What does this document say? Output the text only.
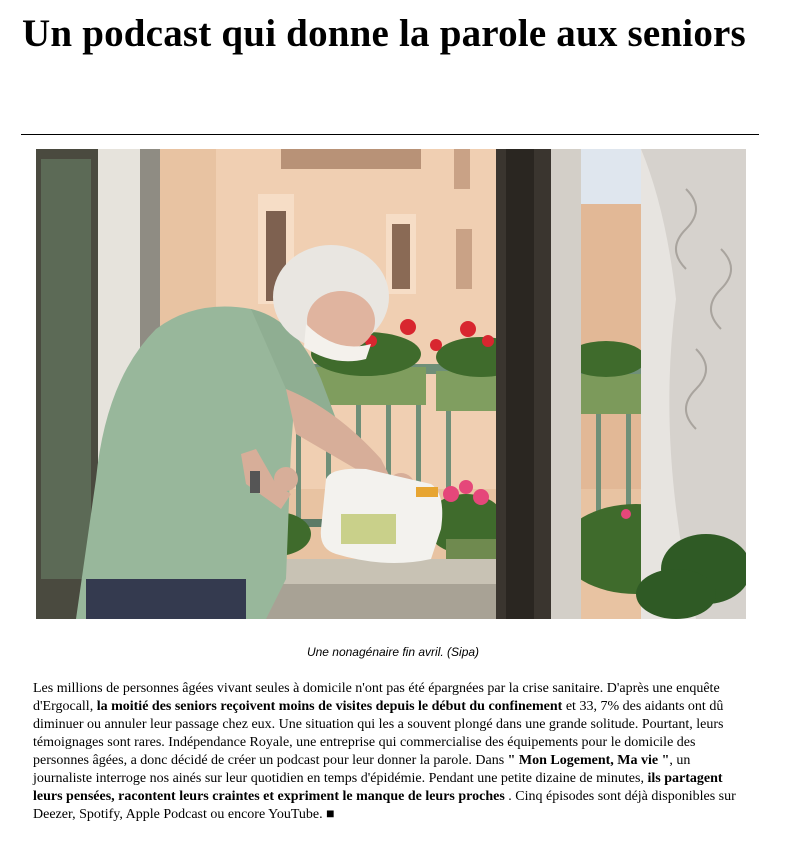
Un podcast qui donne la parole aux seniors
Une nonagénaire fin avril. (Sipa)

Les millions de personnes âgées vivant seules à domicile n'ont pas été épargnées par la crise sanitaire. D'après une enquête d'Ergocall, la moitié des seniors reçoivent moins de visites depuis le début du confinement et 33, 7% des aidants ont dû diminuer ou annuler leur passage chez eux. Une situation qui les a souvent plongé dans une grande solitude. Pourtant, leurs témoignages sont rares. Indépendance Royale, une entreprise qui commercialise des équipements pour le domicile des personnes âgées, a donc décidé de créer un podcast pour leur donner la parole. Dans " Mon Logement, Ma vie ", un journaliste interroge nos ainés sur leur quotidien en temps d'épidémie. Pendant une petite dizaine de minutes, ils partagent leurs pensées, racontent leurs craintes et expriment le manque de leurs proches . Cinq épisodes sont déjà disponibles sur Deezer, Spotify, Apple Podcast ou encore YouTube. ■
